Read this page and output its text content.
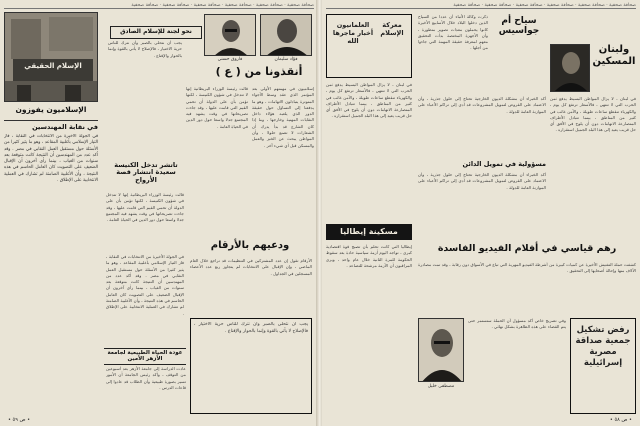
صحافة صحفية · صحافة صحفية · صحافة صحفية · صحافة صحفية · صحافة صحفية · صحافة صحفية
الإسلام الحقيقي
نحو لجنة للإسلام الصادق
فاروق حسني	فؤاد سليمان
أنقذونا من ( ع )
إسلاميون في مهمتهم الأولى بعد المؤتمر الذي عقد وسط الأجواء المتوترة يتبادلون الاتهامات ، وهو ما يدفعنا إلى التساؤل حول حقيقة الدور الذي يلعبه هؤلاء داخل النقابات المهنية وخارجها ، وما إذا كان الشارع قد بدأ يدرك أن الشعارات لا تصنع حلولا ، وأن المواطن يبحث عن الخبز والعمل والمسكن قبل أي شيء آخر .
قالت رئيسة الوزراء البريطانية إنها لا تتدخل في شؤون الكنيسة ، لكنها تؤمن بأن على الدولة أن تحمي القيم التي قامت عليها ، وقد جاءت تصريحاتها في وقت يشهد فيه المجتمع جدلا واسعا حول دور الدين في الحياة العامة .
يجب أن نتحلى بالصبر وأن نترك للناس حرية الاختيار ، فالإصلاح لا يأتي بالقوة وإنما بالحوار والإقناع .
الإسلاميون يفوزون
في نقابة المهندسين
في الجولة الأخيرة من الانتخابات في النقابة ، فاز التيار الإسلامي بأغلبية المقاعد ، وهو ما يثير كثيرا من الأسئلة حول مستقبل العمل النقابي في مصر . وقد أكد عدد من المهندسين أن النتيجة كانت متوقعة بعد سنوات من الغياب ، بينما رأى آخرون أن الإقبال الضعيف على التصويت كان العامل الحاسم في هذه النتيجة ، وأن الأغلبية الصامتة لم تشارك في العملية الانتخابية على الإطلاق .
تاتشر تدخل الكنيسة سعيدة انتشار قصة الأرواح
قالت رئيسة الوزراء البريطانية إنها لا تتدخل في شؤون الكنيسة ، لكنها تؤمن بأن على الدولة أن تحمي القيم التي قامت عليها ، وقد جاءت تصريحاتها في وقت يشهد فيه المجتمع جدلا واسعا حول دور الدين في الحياة العامة .
ودعيهم بالأرقام
الأرقام تقول إن عدد المشتركين في التنظيمات قد تراجع خلال العام الماضي ، وإن الإقبال على الانتخابات لم يتجاوز ربع عدد الأعضاء المسجلين في الجداول .
في الجولة الأخيرة من الانتخابات في النقابة ، فاز التيار الإسلامي بأغلبية المقاعد ، وهو ما يثير كثيرا من الأسئلة حول مستقبل العمل النقابي في مصر . وقد أكد عدد من المهندسين أن النتيجة كانت متوقعة بعد سنوات من الغياب ، بينما رأى آخرون أن الإقبال الضعيف على التصويت كان العامل الحاسم في هذه النتيجة ، وأن الأغلبية الصامتة لم تشارك في العملية الانتخابية على الإطلاق .
عودة الحياة الطبيعية لجامعة الأزهر الأمين
عادت الدراسة إلى جامعة الأزهر بعد أسبوعين من التوقف ، وأكد رئيس الجامعة أن الأمور تسير بصورة طبيعية وأن الطلاب قد عادوا إلى قاعات الدرس .
يجب أن نتحلى بالصبر وأن نترك للناس حرية الاختيار ، فالإصلاح لا يأتي بالقوة وإنما بالحوار والإقناع .
• ص ٥٩ •
صحافة صحفية · صحافة صحفية · صحافة صحفية · صحافة صحفية · صحافة صحفية · صحافة صحفية
معركة الإسلام
العلمانيون أخبار ماجرها الله
سياح أم جواسيس
ذكرت وكالة الأنباء أن عددا من السياح الذين دخلوا البلاد خلال الأسابيع الأخيرة كانوا يحملون معدات تصوير متطورة ، وأن الأجهزة المختصة بدأت التحقيق معهم لمعرفة حقيقة المهمة التي جاءوا من أجلها .	ولبنان المسكين
في لبنان ، لا يزال المواطن البسيط يدفع ثمن الحرب التي لا تنتهي ، فالأسعار ترتفع كل يوم ، والكهرباء تنقطع ساعات طويلة ، والأمن غائب في كثير من المناطق ، بينما تتبادل الأطراف المتصارعة الاتهامات دون أن يلوح في الأفق أي حل قريب يعيد إلى هذا البلد الجميل استقراره .
في لبنان ، لا يزال المواطن البسيط يدفع ثمن الحرب التي لا تنتهي ، فالأسعار ترتفع كل يوم ، والكهرباء تنقطع ساعات طويلة ، والأمن غائب في كثير من المناطق ، بينما تتبادل الأطراف المتصارعة الاتهامات دون أن يلوح في الأفق أي حل قريب يعيد إلى هذا البلد الجميل استقراره .
أكد الخبراء أن مشكلة الديون الخارجية تحتاج إلى حلول جذرية ، وأن الاعتماد على القروض لتمويل المشروعات قد أدى إلى تراكم الأعباء على الموازنة العامة للدولة .
مسؤولية في تمويل الدائن
أكد الخبراء أن مشكلة الديون الخارجية تحتاج إلى حلول جذرية ، وأن الاعتماد على القروض لتمويل المشروعات قد أدى إلى تراكم الأعباء على الموازنة العامة للدولة .
مسكينة إيطاليا
إيطاليا التي كانت تحلم بأن تصبح قوة اقتصادية كبرى ، تواجه اليوم أزمة سياسية حادة بعد سقوط الحكومة للمرة الثانية خلال عام واحد ، ويرى المراقبون أن الأزمة مرشحة للتصاعد .
رهم قياسي في أفلام الفيديو الفاسدة
كشفت حملة التفتيش الأخيرة عن كميات كبيرة من أشرطة الفيديو المهربة التي تباع في الأسواق دون رقابة ، وقد تمت مصادرة الآلاف منها وإحالة أصحابها إلى التحقيق .
مصطفى خليل
وفي تصريح خاص أكد مسؤول أن الحملة ستستمر حتى يتم القضاء على هذه الظاهرة بشكل نهائي .	رفض تشكيل جمعية صداقة مصرية إسرائيلية
• ص ٥٨ •
